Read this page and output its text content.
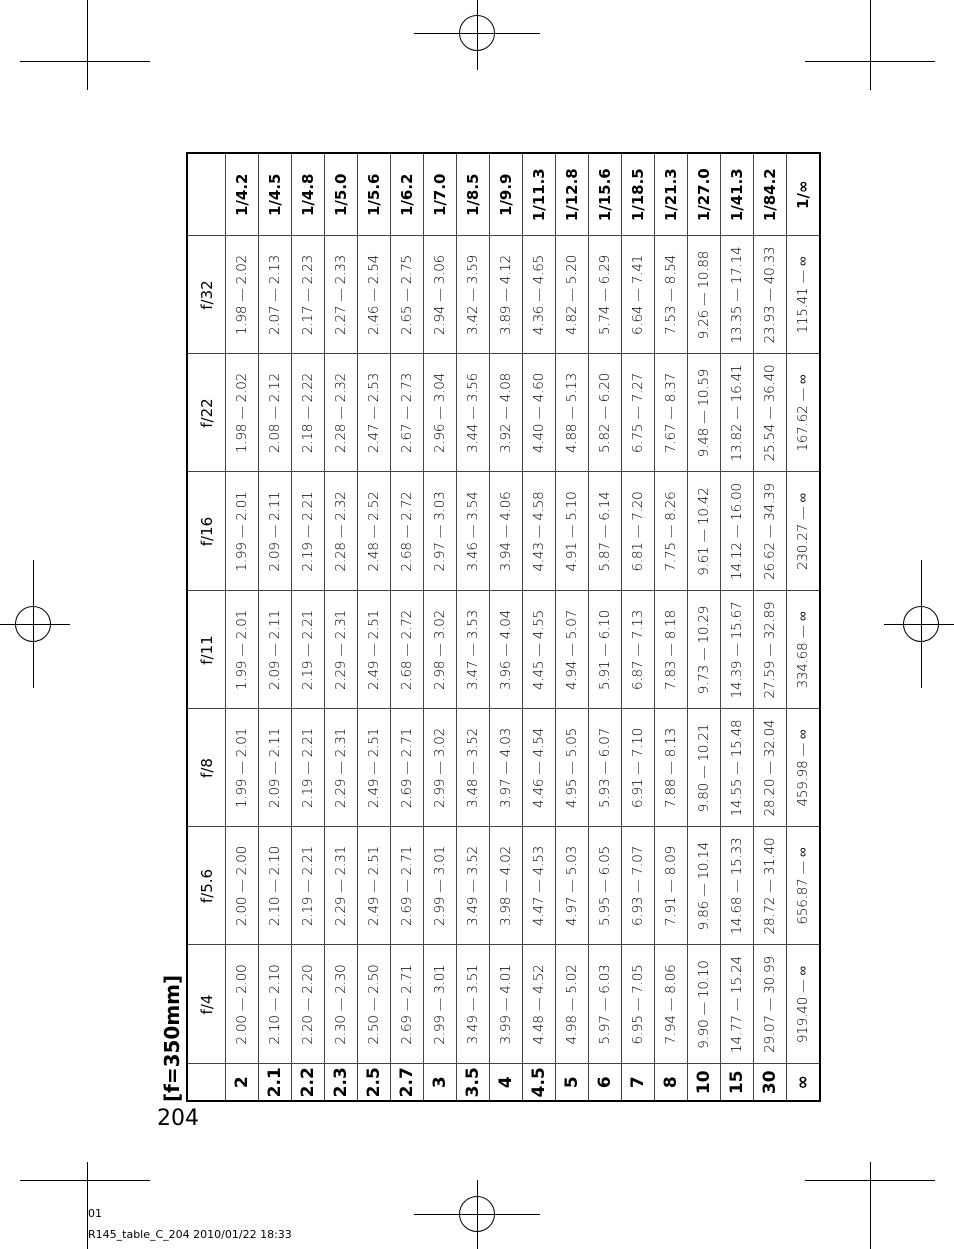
[f=350mm]
	f/4	f/5.6	f/8	f/11	f/16	f/22	f/32	
2	2.00 — 2.00	2.00 — 2.00	1.99 — 2.01	1.99 — 2.01	1.99 — 2.01	1.98 — 2.02	1.98 — 2.02	1/4.2
2.1	2.10 — 2.10	2.10 — 2.10	2.09 — 2.11	2.09 — 2.11	2.09 — 2.11	2.08 — 2.12	2.07 — 2.13	1/4.5
2.2	2.20 — 2.20	2.19 — 2.21	2.19 — 2.21	2.19 — 2.21	2.19 — 2.21	2.18 — 2.22	2.17 — 2.23	1/4.8
2.3	2.30 — 2.30	2.29 — 2.31	2.29 — 2.31	2.29 — 2.31	2.28 — 2.32	2.28 — 2.32	2.27 — 2.33	1/5.0
2.5	2.50 — 2.50	2.49 — 2.51	2.49 — 2.51	2.49 — 2.51	2.48 — 2.52	2.47 — 2.53	2.46 — 2.54	1/5.6
2.7	2.69 — 2.71	2.69 — 2.71	2.69 — 2.71	2.68 — 2.72	2.68 — 2.72	2.67 — 2.73	2.65 — 2.75	1/6.2
3	2.99 — 3.01	2.99 — 3.01	2.99 — 3.02	2.98 — 3.02	2.97 — 3.03	2.96 — 3.04	2.94 — 3.06	1/7.0
3.5	3.49 — 3.51	3.49 — 3.52	3.48 — 3.52	3.47 — 3.53	3.46 — 3.54	3.44 — 3.56	3.42 — 3.59	1/8.5
4	3.99 — 4.01	3.98 — 4.02	3.97 — 4.03	3.96 — 4.04	3.94 — 4.06	3.92 — 4.08	3.89 — 4.12	1/9.9
4.5	4.48 — 4.52	4.47 — 4.53	4.46 — 4.54	4.45 — 4.55	4.43 — 4.58	4.40 — 4.60	4.36 — 4.65	1/11.3
5	4.98 — 5.02	4.97 — 5.03	4.95 — 5.05	4.94 — 5.07	4.91 — 5.10	4.88 — 5.13	4.82 — 5.20	1/12.8
6	5.97 — 6.03	5.95 — 6.05	5.93 — 6.07	5.91 — 6.10	5.87 — 6.14	5.82 — 6.20	5.74 — 6.29	1/15.6
7	6.95 — 7.05	6.93 — 7.07	6.91 — 7.10	6.87 — 7.13	6.81 — 7.20	6.75 — 7.27	6.64 — 7.41	1/18.5
8	7.94 — 8.06	7.91 — 8.09	7.88 — 8.13	7.83 — 8.18	7.75 — 8.26	7.67 — 8.37	7.53 — 8.54	1/21.3
10	9.90 — 10.10	9.86 — 10.14	9.80 — 10.21	9.73 — 10.29	9.61 — 10.42	9.48 — 10.59	9.26 — 10.88	1/27.0
15	14.77 — 15.24	14.68 — 15.33	14.55 — 15.48	14.39 — 15.67	14.12 — 16.00	13.82 — 16.41	13.35 — 17.14	1/41.3
30	29.07 — 30.99	28.72 — 31.40	28.20 — 32.04	27.59 — 32.89	26.62 — 34.39	25.54 — 36.40	23.93 — 40.33	1/84.2
∞	919.40 — ∞	656.87 — ∞	459.98 — ∞	334.68 — ∞	230.27 — ∞	167.62 — ∞	115.41 — ∞	1/∞
204
01
R145_table_C_204 2010/01/22 18:33
